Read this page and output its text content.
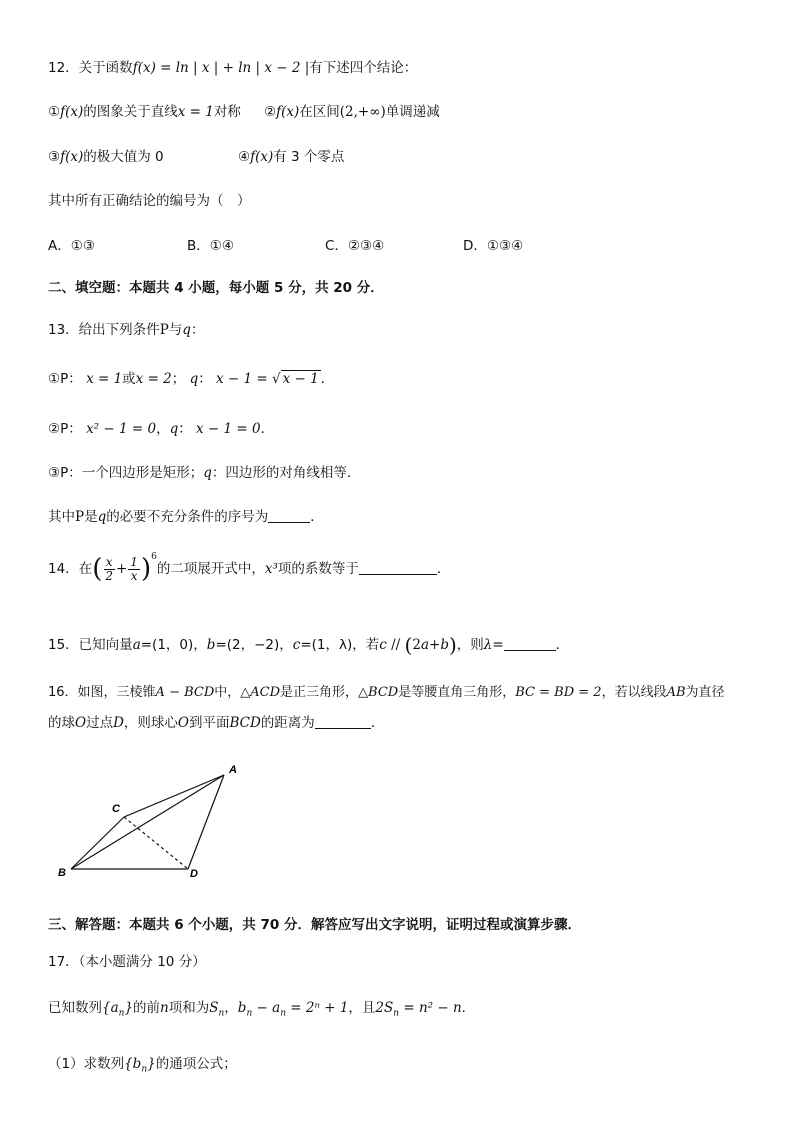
12．关于函数f(x) = ln | x | + ln | x − 2 |有下述四个结论：
①f(x)的图象关于直线x = 1对称 ②f(x)在区间(2,+∞)单调递减
③f(x)的极大值为 0	④f(x)有 3 个零点
其中所有正确结论的编号为（　）
A．①③	B．①④	C．②③④	D．①③④
二、填空题：本题共 4 小题，每小题 5 分，共 20 分．
13．给出下列条件P与q：
①P： x = 1或x = 2； q： x − 1 = √ x − 1 ．
②P： x² − 1 = 0，q： x − 1 = 0．
③P：一个四边形是矩形；q：四边形的对角线相等．
其中P是q的必要不充分条件的序号为	．
14．在( $\frac{x}{2} + \frac{1}{x} )^6$的二项展开式中，x³项的系数等于	．
15．已知向量a=(1，0)，b=(2，−2)，c=(1，λ)，若c // (2a+b)，则λ=	．
16．如图，三棱锥A − BCD中，△ACD是正三角形，△BCD是等腰直角三角形，BC = BD = 2，若以线段AB为直径
的球O过点D，则球心O到平面BCD的距离为	．
A
B
C
D
三、解答题：本题共 6 个小题，共 70 分．解答应写出文字说明，证明过程或演算步骤．
17．（本小题满分 10 分）
已知数列$\{a_n\}$的前n项和为$S_n$，$b_n - a_n = 2^n + 1$，且$2S_n = n^2 - n$．
（1）求数列$\{b_n\}$的通项公式；
